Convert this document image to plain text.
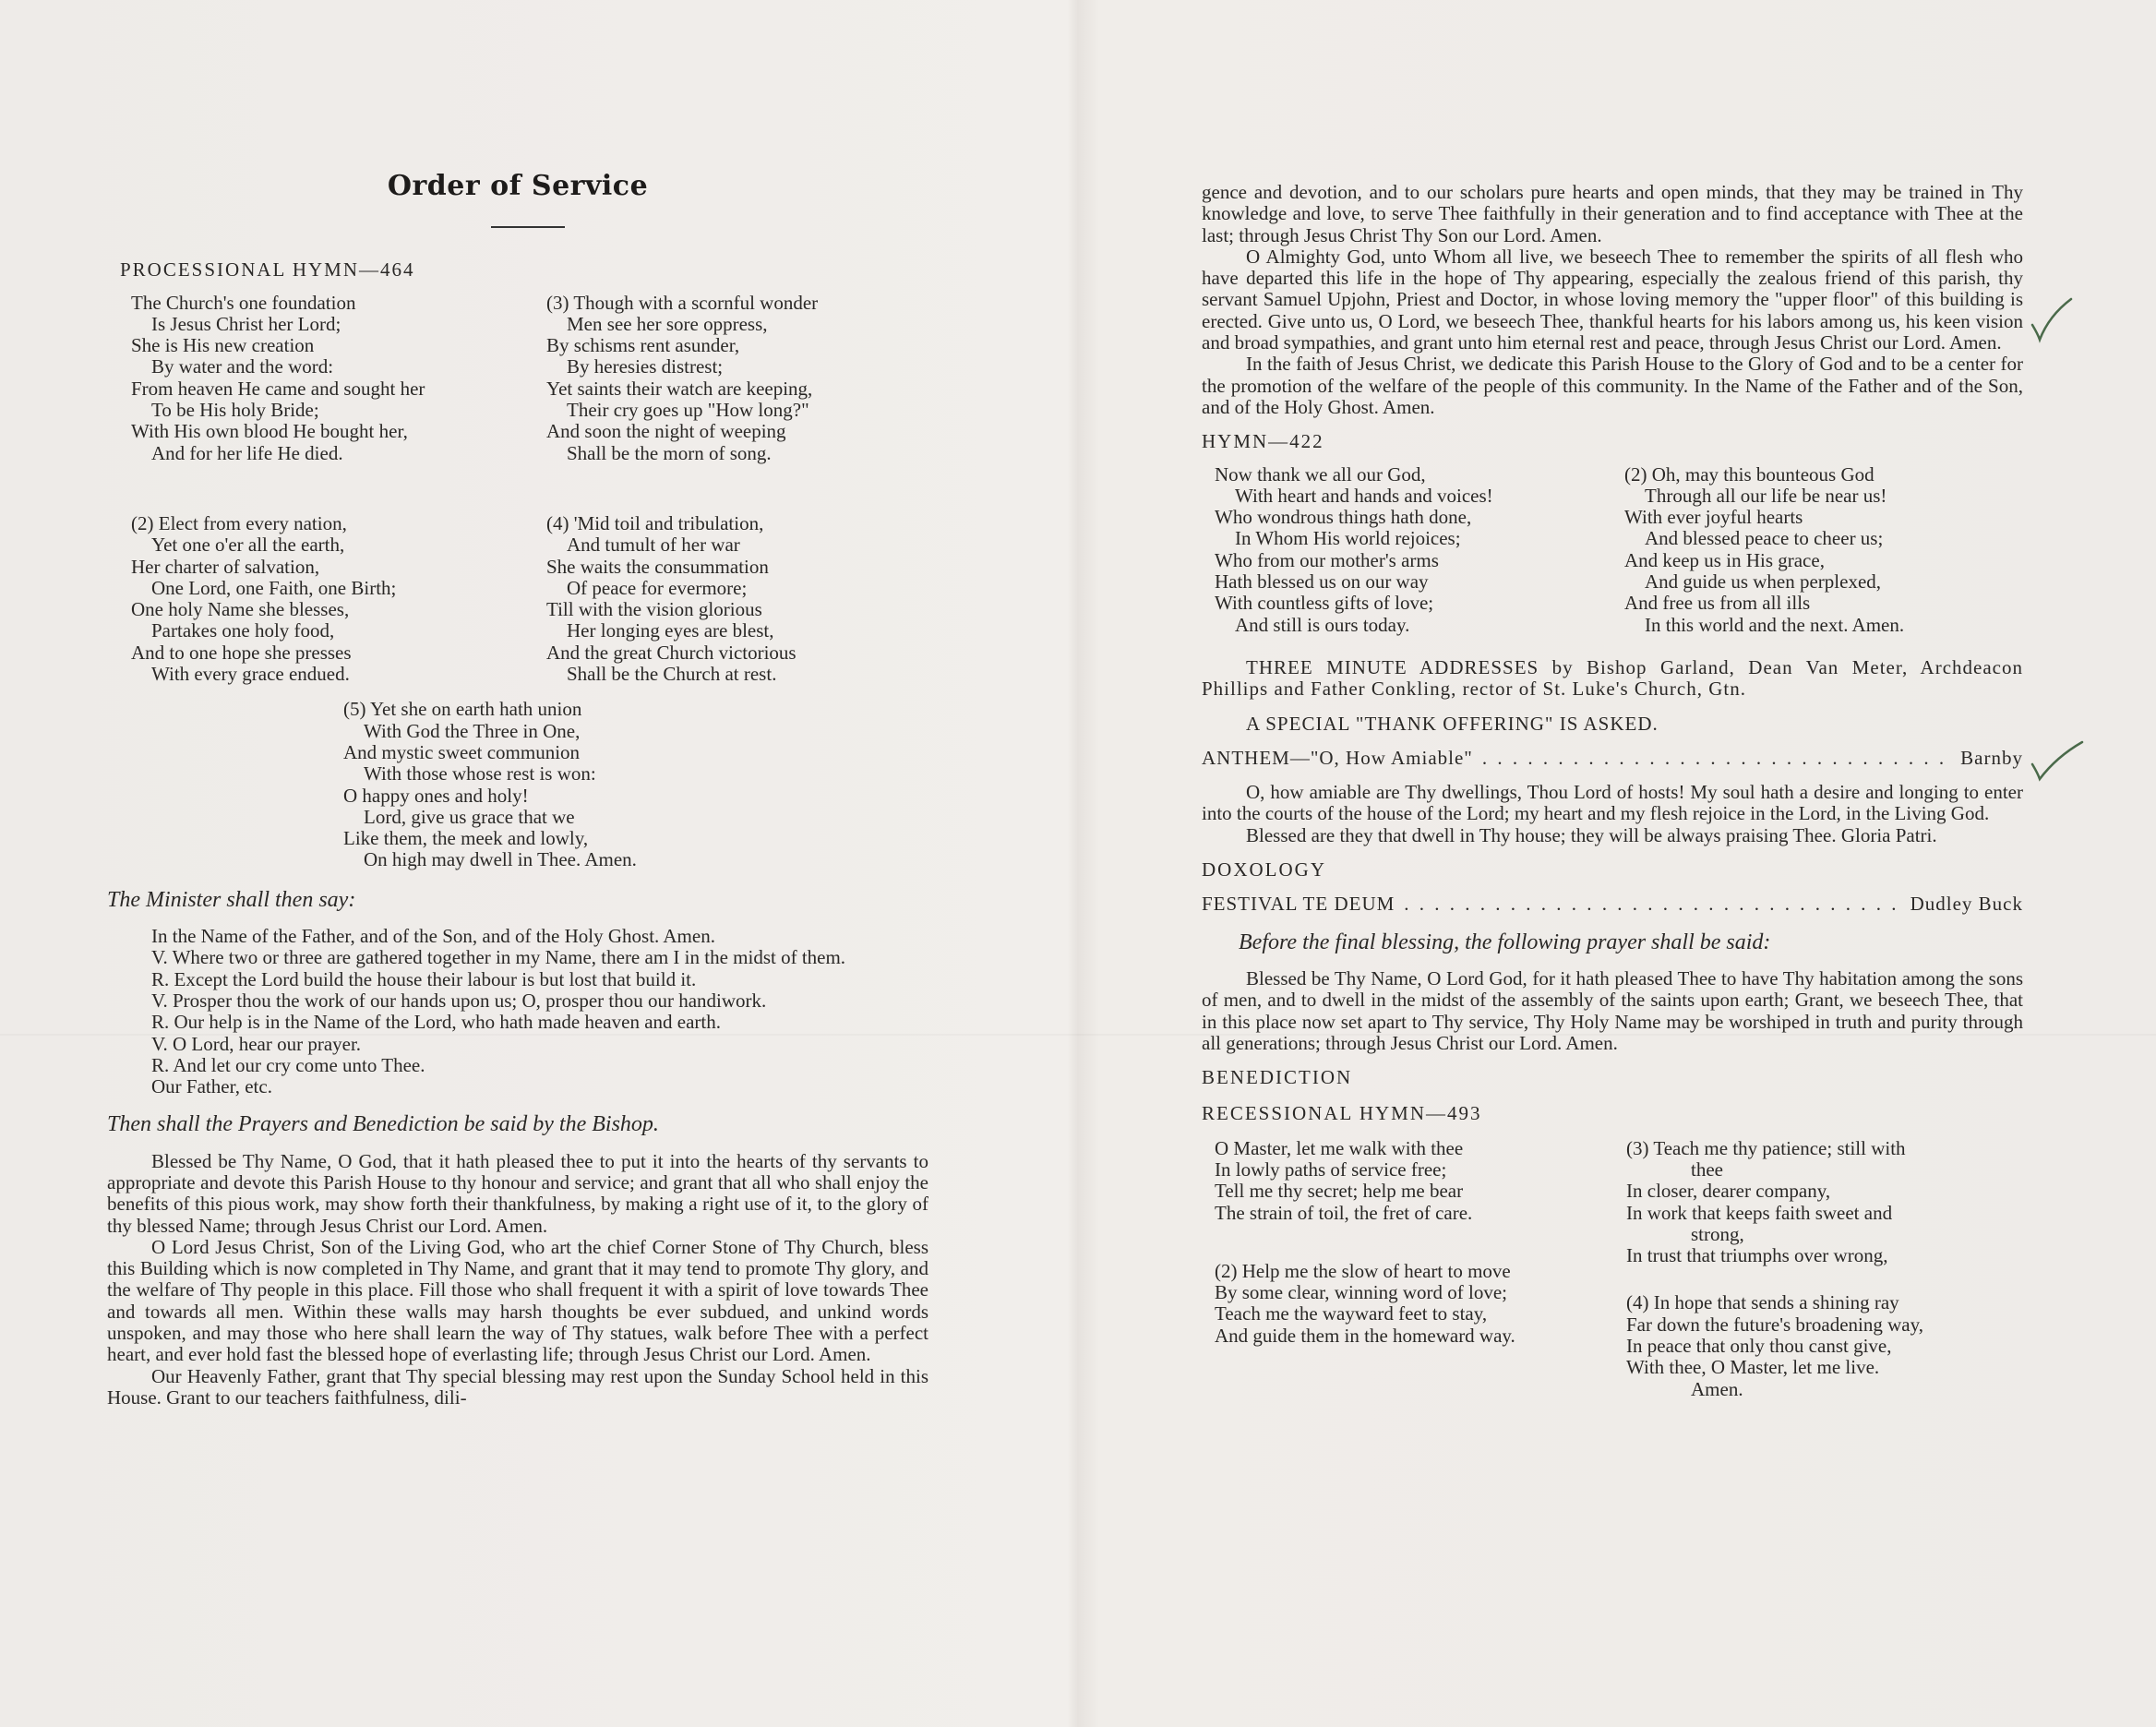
Order of Service
PROCESSIONAL HYMN—464
The Church's one foundation
Is Jesus Christ her Lord;
She is His new creation
By water and the word:
From heaven He came and sought her
To be His holy Bride;
With His own blood He bought her,
And for her life He died.
(3) Though with a scornful wonder
Men see her sore oppress,
By schisms rent asunder,
By heresies distrest;
Yet saints their watch are keeping,
Their cry goes up "How long?"
And soon the night of weeping
Shall be the morn of song.
(2) Elect from every nation,
Yet one o'er all the earth,
Her charter of salvation,
One Lord, one Faith, one Birth;
One holy Name she blesses,
Partakes one holy food,
And to one hope she presses
With every grace endued.
(4) 'Mid toil and tribulation,
And tumult of her war
She waits the consummation
Of peace for evermore;
Till with the vision glorious
Her longing eyes are blest,
And the great Church victorious
Shall be the Church at rest.
(5) Yet she on earth hath union
With God the Three in One,
And mystic sweet communion
With those whose rest is won:
O happy ones and holy!
Lord, give us grace that we
Like them, the meek and lowly,
On high may dwell in Thee. Amen.
The Minister shall then say:

In the Name of the Father, and of the Son, and of the Holy Ghost. Amen.

V. Where two or three are gathered together in my Name, there am I in the midst of them.

R. Except the Lord build the house their labour is but lost that build it.

V. Prosper thou the work of our hands upon us; O, prosper thou our handiwork.

R. Our help is in the Name of the Lord, who hath made heaven and earth.

V. O Lord, hear our prayer.

R. And let our cry come unto Thee.

Our Father, etc.

Then shall the Prayers and Benediction be said by the Bishop.

Blessed be Thy Name, O God, that it hath pleased thee to put it into the hearts of thy servants to appropriate and devote this Parish House to thy honour and service; and grant that all who shall enjoy the benefits of this pious work, may show forth their thankfulness, by making a right use of it, to the glory of thy blessed Name; through Jesus Christ our Lord. Amen.

O Lord Jesus Christ, Son of the Living God, who art the chief Corner Stone of Thy Church, bless this Building which is now completed in Thy Name, and grant that it may tend to promote Thy glory, and the welfare of Thy people in this place. Fill those who shall frequent it with a spirit of love towards Thee and towards all men. Within these walls may harsh thoughts be ever subdued, and unkind words unspoken, and may those who here shall learn the way of Thy statues, walk before Thee with a perfect heart, and ever hold fast the blessed hope of everlasting life; through Jesus Christ our Lord. Amen.

Our Heavenly Father, grant that Thy special blessing may rest upon the Sunday School held in this House. Grant to our teachers faithfulness, dili-

gence and devotion, and to our scholars pure hearts and open minds, that they may be trained in Thy knowledge and love, to serve Thee faithfully in their generation and to find acceptance with Thee at the last; through Jesus Christ Thy Son our Lord. Amen.

O Almighty God, unto Whom all live, we beseech Thee to remember the spirits of all flesh who have departed this life in the hope of Thy appearing, especially the zealous friend of this parish, thy servant Samuel Upjohn, Priest and Doctor, in whose loving memory the "upper floor" of this building is erected. Give unto us, O Lord, we beseech Thee, thankful hearts for his labors among us, his keen vision and broad sympathies, and grant unto him eternal rest and peace, through Jesus Christ our Lord. Amen.

In the faith of Jesus Christ, we dedicate this Parish House to the Glory of God and to be a center for the promotion of the welfare of the people of this community. In the Name of the Father and of the Son, and of the Holy Ghost. Amen.

HYMN—422
Now thank we all our God,
With heart and hands and voices!
Who wondrous things hath done,
In Whom His world rejoices;
Who from our mother's arms
Hath blessed us on our way
With countless gifts of love;
And still is ours today.
(2) Oh, may this bounteous God
Through all our life be near us!
With ever joyful hearts
And blessed peace to cheer us;
And keep us in His grace,
And guide us when perplexed,
And free us from all ills
In this world and the next. Amen.

THREE MINUTE ADDRESSES by Bishop Garland, Dean Van Meter, Archdeacon Phillips and Father Conkling, rector of St. Luke's Church, Gtn.

A SPECIAL "THANK OFFERING" IS ASKED.

ANTHEM—"O, How Amiable" . . .	Barnby

O, how amiable are Thy dwellings, Thou Lord of hosts! My soul hath a desire and longing to enter into the courts of the house of the Lord; my heart and my flesh rejoice in the Lord, in the Living God.

Blessed are they that dwell in Thy house; they will be always praising Thee. Gloria Patri.

DOXOLOGY
FESTIVAL TE DEUM . . .	Dudley Buck
Before the final blessing, the following prayer shall be said:

Blessed be Thy Name, O Lord God, for it hath pleased Thee to have Thy habitation among the sons of men, and to dwell in the midst of the assembly of the saints upon earth; Grant, we beseech Thee, that in this place now set apart to Thy service, Thy Holy Name may be worshiped in truth and purity through all generations; through Jesus Christ our Lord. Amen.

BENEDICTION
RECESSIONAL HYMN—493
O Master, let me walk with thee
In lowly paths of service free;
Tell me thy secret; help me bear
The strain of toil, the fret of care.
(2) Help me the slow of heart to move
By some clear, winning word of love;
Teach me the wayward feet to stay,
And guide them in the homeward way.
(3) Teach me thy patience; still with
thee
In closer, dearer company,
In work that keeps faith sweet and
strong,
In trust that triumphs over wrong,
(4) In hope that sends a shining ray
Far down the future's broadening way,
In peace that only thou canst give,
With thee, O Master, let me live.
Amen.
